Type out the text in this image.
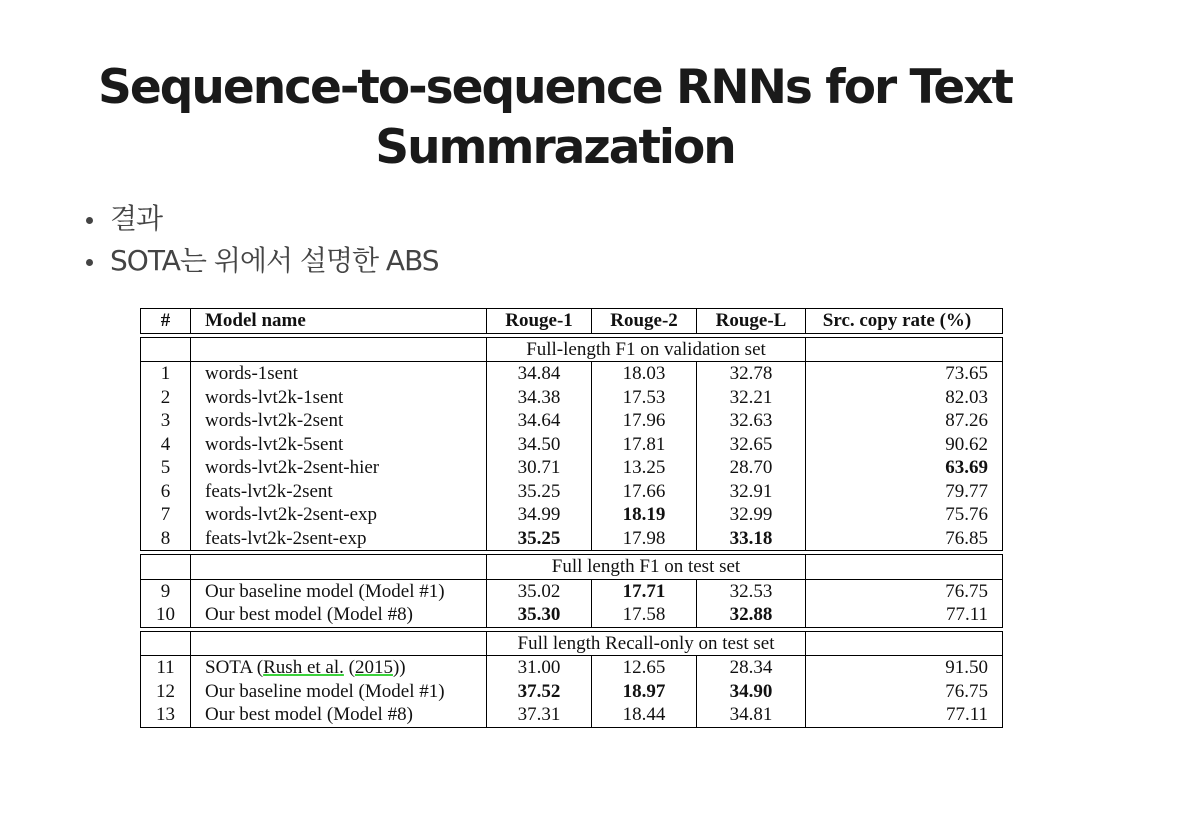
Sequence-to-sequence RNNs for Text
Summrazation
결과
SOTA는 위에서 설명한 ABS
#	Model name	Rouge-1	Rouge-2	Rouge-L	Src. copy rate (%)

		Full-length F1 on validation set			
1	words-1sent	34.84	18.03	32.78	73.65
2	words-lvt2k-1sent	34.38	17.53	32.21	82.03
3	words-lvt2k-2sent	34.64	17.96	32.63	87.26
4	words-lvt2k-5sent	34.50	17.81	32.65	90.62
5	words-lvt2k-2sent-hier	30.71	13.25	28.70	63.69
6	feats-lvt2k-2sent	35.25	17.66	32.91	79.77
7	words-lvt2k-2sent-exp	34.99	18.19	32.99	75.76
8	feats-lvt2k-2sent-exp	35.25	17.98	33.18	76.85

		Full length F1 on test set			
9	Our baseline model (Model #1)	35.02	17.71	32.53	76.75
10	Our best model (Model #8)	35.30	17.58	32.88	77.11

		Full length Recall-only on test set			
11	SOTA (Rush et al. (2015))	31.00	12.65	28.34	91.50
12	Our baseline model (Model #1)	37.52	18.97	34.90	76.75
13	Our best model (Model #8)	37.31	18.44	34.81	77.11
